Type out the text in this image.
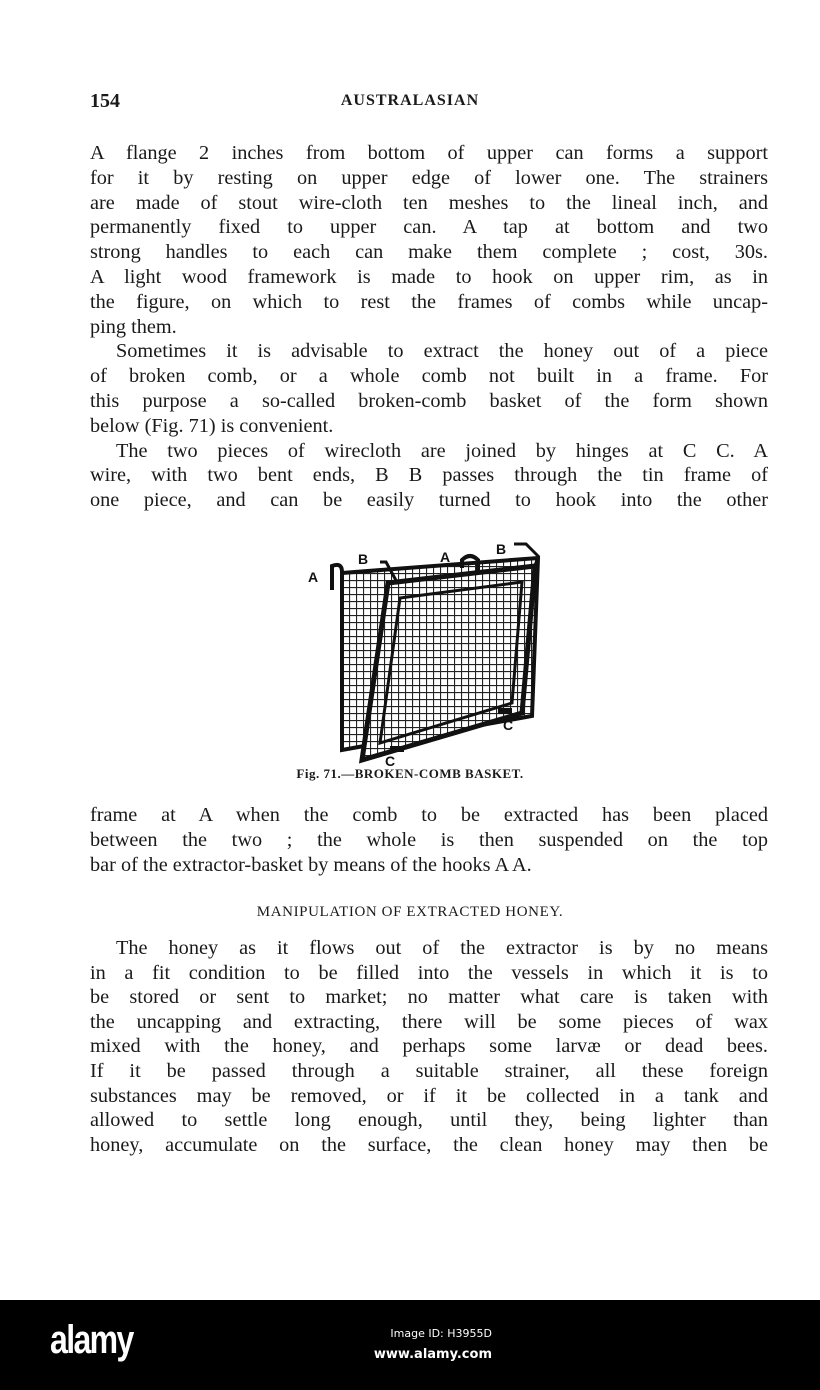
154	AUSTRALASIAN
A flange 2 inches from bottom of upper can forms a support
for it by resting on upper edge of lower one. The strainers
are made of stout wire-cloth ten meshes to the lineal inch, and
permanently fixed to upper can. A tap at bottom and two
strong handles to each can make them complete ; cost, 30s.
A light wood framework is made to hook on upper rim, as in
the figure, on which to rest the frames of combs while uncap-
ping them.
Sometimes it is advisable to extract the honey out of a piece
of broken comb, or a whole comb not built in a frame. For
this purpose a so-called broken-comb basket of the form shown
below (Fig. 71) is convenient.
The two pieces of wirecloth are joined by hinges at C C. A
wire, with two bent ends, B B passes through the tin frame of
one piece, and can be easily turned to hook into the other
A
A
B
B
C
C
Fig. 71.—BROKEN-COMB BASKET.
frame at A when the comb to be extracted has been placed
between the two ; the whole is then suspended on the top
bar of the extractor-basket by means of the hooks A A.
MANIPULATION OF EXTRACTED HONEY.
The honey as it flows out of the extractor is by no means
in a fit condition to be filled into the vessels in which it is to
be stored or sent to market; no matter what care is taken with
the uncapping and extracting, there will be some pieces of wax
mixed with the honey, and perhaps some larvæ or dead bees.
If it be passed through a suitable strainer, all these foreign
substances may be removed, or if it be collected in a tank and
allowed to settle long enough, until they, being lighter than
honey, accumulate on the surface, the clean honey may then be
alamy	Image ID: H3955D
www.alamy.com
